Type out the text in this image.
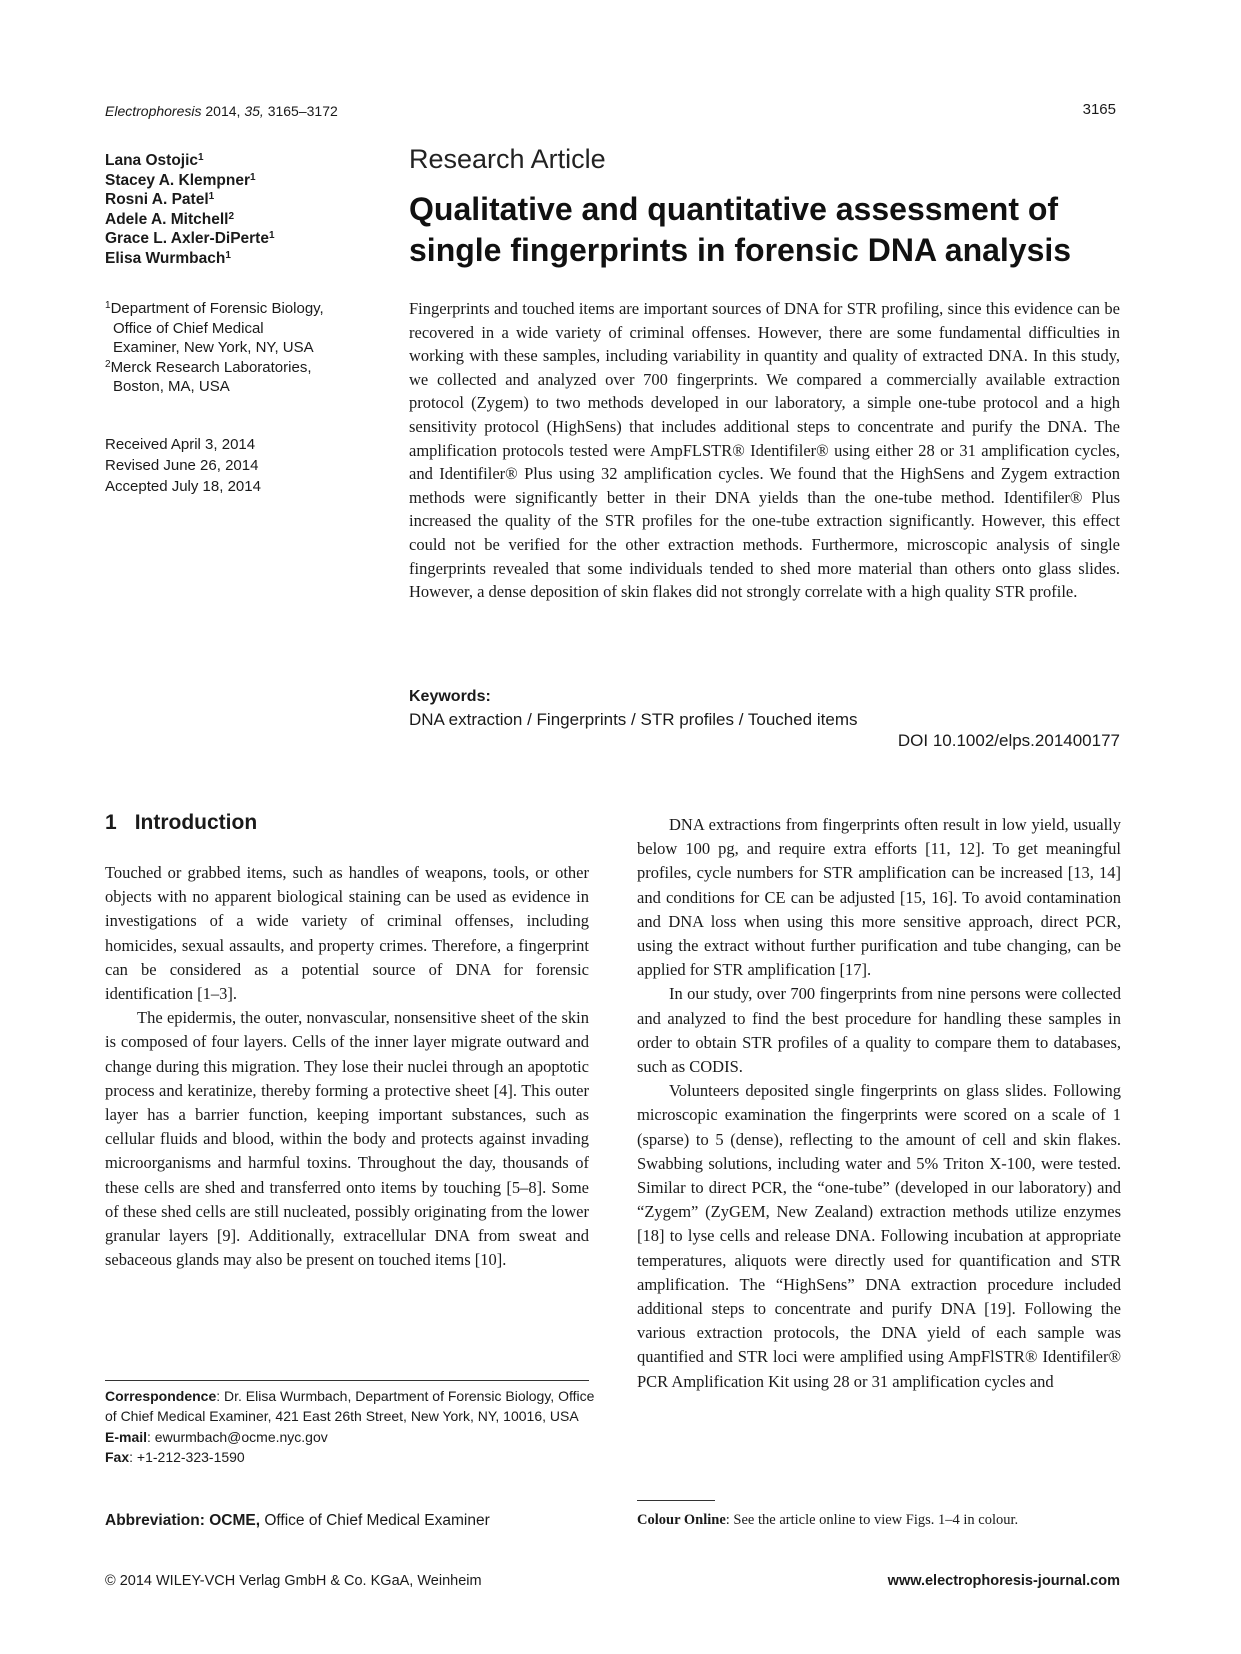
Electrophoresis 2014, 35, 3165–3172	3165
Lana Ostojic$^1$
Stacey A. Klempner$^1$
Rosni A. Patel$^1$
Adele A. Mitchell$^2$
Grace L. Axler-DiPerte$^1$
Elisa Wurmbach$^1$
$^1$Department of Forensic Biology,
Office of Chief Medical
Examiner, New York, NY, USA
$^2$Merck Research Laboratories,
Boston, MA, USA
Received April 3, 2014
Revised June 26, 2014
Accepted July 18, 2014
Research Article
Qualitative and quantitative assessment of single fingerprints in forensic DNA analysis

Fingerprints and touched items are important sources of DNA for STR profiling, since this evidence can be recovered in a wide variety of criminal offenses. However, there are some fundamental difficulties in working with these samples, including variability in quantity and quality of extracted DNA. In this study, we collected and analyzed over 700 fingerprints. We compared a commercially available extraction protocol (Zygem) to two methods developed in our laboratory, a simple one-tube protocol and a high sensitivity protocol (HighSens) that includes additional steps to concentrate and purify the DNA. The amplification protocols tested were AmpFLSTR® Identifiler® using either 28 or 31 amplification cycles, and Identifiler® Plus using 32 amplification cycles. We found that the HighSens and Zygem extraction methods were significantly better in their DNA yields than the one-tube method. Identifiler® Plus increased the quality of the STR profiles for the one-tube extraction significantly. However, this effect could not be verified for the other extraction methods. Furthermore, microscopic analysis of single fingerprints revealed that some individuals tended to shed more material than others onto glass slides. However, a dense deposition of skin flakes did not strongly correlate with a high quality STR profile.

Keywords:
DNA extraction / Fingerprints / STR profiles / Touched items
DOI 10.1002/elps.201400177
1 Introduction

Touched or grabbed items, such as handles of weapons, tools, or other objects with no apparent biological staining can be used as evidence in investigations of a wide variety of criminal offenses, including homicides, sexual assaults, and property crimes. Therefore, a fingerprint can be considered as a potential source of DNA for forensic identification [1–3].

The epidermis, the outer, nonvascular, nonsensitive sheet of the skin is composed of four layers. Cells of the inner layer migrate outward and change during this migration. They lose their nuclei through an apoptotic process and keratinize, thereby forming a protective sheet [4]. This outer layer has a barrier function, keeping important substances, such as cellular fluids and blood, within the body and protects against invading microorganisms and harmful toxins. Throughout the day, thousands of these cells are shed and transferred onto items by touching [5–8]. Some of these shed cells are still nucleated, possibly originating from the lower granular layers [9]. Additionally, extracellular DNA from sweat and sebaceous glands may also be present on touched items [10].

DNA extractions from fingerprints often result in low yield, usually below 100 pg, and require extra efforts [11, 12]. To get meaningful profiles, cycle numbers for STR amplification can be increased [13, 14] and conditions for CE can be adjusted [15, 16]. To avoid contamination and DNA loss when using this more sensitive approach, direct PCR, using the extract without further purification and tube changing, can be applied for STR amplification [17].

In our study, over 700 fingerprints from nine persons were collected and analyzed to find the best procedure for handling these samples in order to obtain STR profiles of a quality to compare them to databases, such as CODIS.

Volunteers deposited single fingerprints on glass slides. Following microscopic examination the fingerprints were scored on a scale of 1 (sparse) to 5 (dense), reflecting to the amount of cell and skin flakes. Swabbing solutions, including water and 5% Triton X-100, were tested. Similar to direct PCR, the “one-tube” (developed in our laboratory) and “Zygem” (ZyGEM, New Zealand) extraction methods utilize enzymes [18] to lyse cells and release DNA. Following incubation at appropriate temperatures, aliquots were directly used for quantification and STR amplification. The “HighSens” DNA extraction procedure included additional steps to concentrate and purify DNA [19]. Following the various extraction protocols, the DNA yield of each sample was quantified and STR loci were amplified using AmpFlSTR® Identifiler® PCR Amplification Kit using 28 or 31 amplification cycles and

Correspondence: Dr. Elisa Wurmbach, Department of Forensic Biology, Office of Chief Medical Examiner, 421 East 26th Street, New York, NY, 10016, USA
E-mail: ewurmbach@ocme.nyc.gov
Fax: +1-212-323-1590
Abbreviation: OCME, Office of Chief Medical Examiner	Colour Online: See the article online to view Figs. 1–4 in colour.
© 2014 WILEY-VCH Verlag GmbH & Co. KGaA, Weinheim	www.electrophoresis-journal.com
